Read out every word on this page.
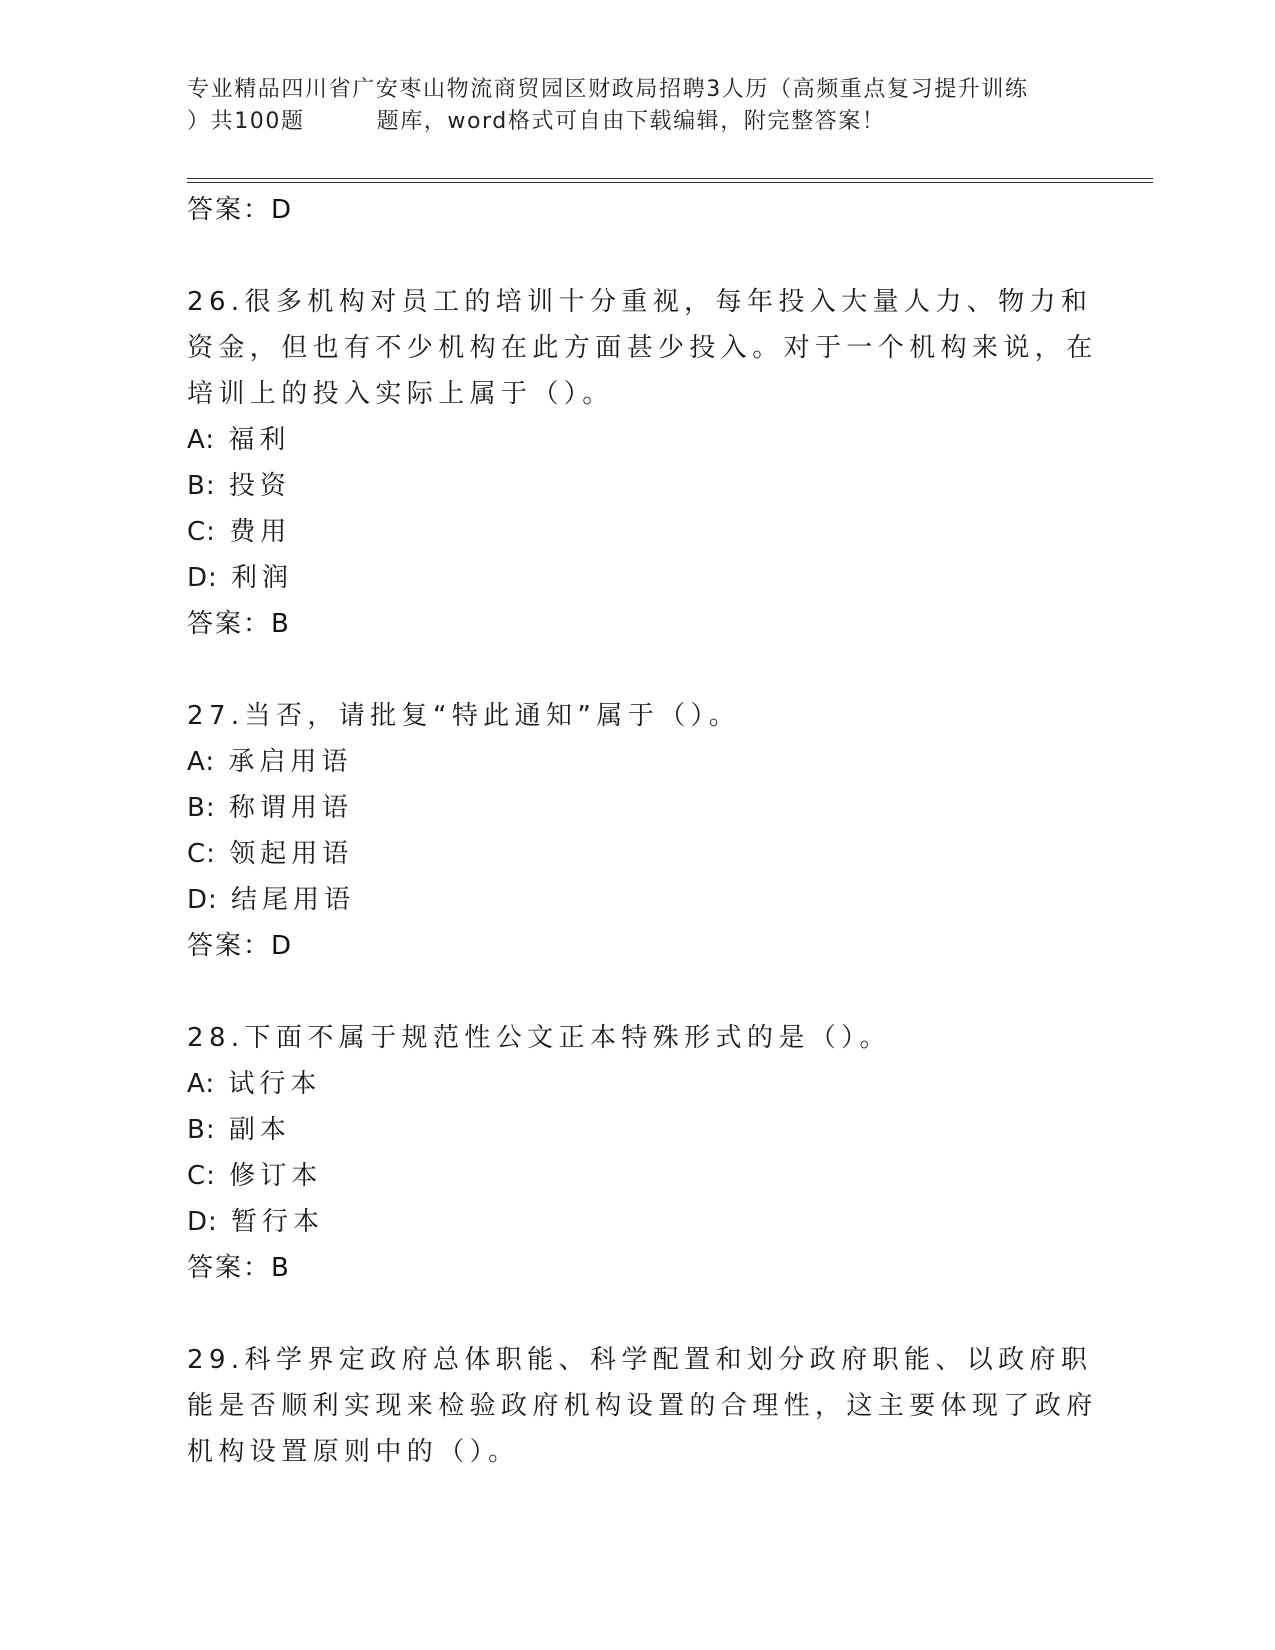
专业精品四川省广安枣山物流商贸园区财政局招聘3人历（高频重点复习提升训练
）共100题	题库，word格式可自由下载编辑，附完整答案！
答案：D
26.很多机构对员工的培训十分重视，每年投入大量人力、物力和资金，但也有不少机构在此方面甚少投入。对于一个机构来说，在培训上的投入实际上属于（）。
A: 福利
B: 投资
C: 费用
D: 利润
答案：B
27.当否，请批复“特此通知”属于（）。
A: 承启用语
B: 称谓用语
C: 领起用语
D: 结尾用语
答案：D
28.下面不属于规范性公文正本特殊形式的是（）。
A: 试行本
B: 副本
C: 修订本
D: 暂行本
答案：B
29.科学界定政府总体职能、科学配置和划分政府职能、以政府职能是否顺利实现来检验政府机构设置的合理性，这主要体现了政府机构设置原则中的（）。
